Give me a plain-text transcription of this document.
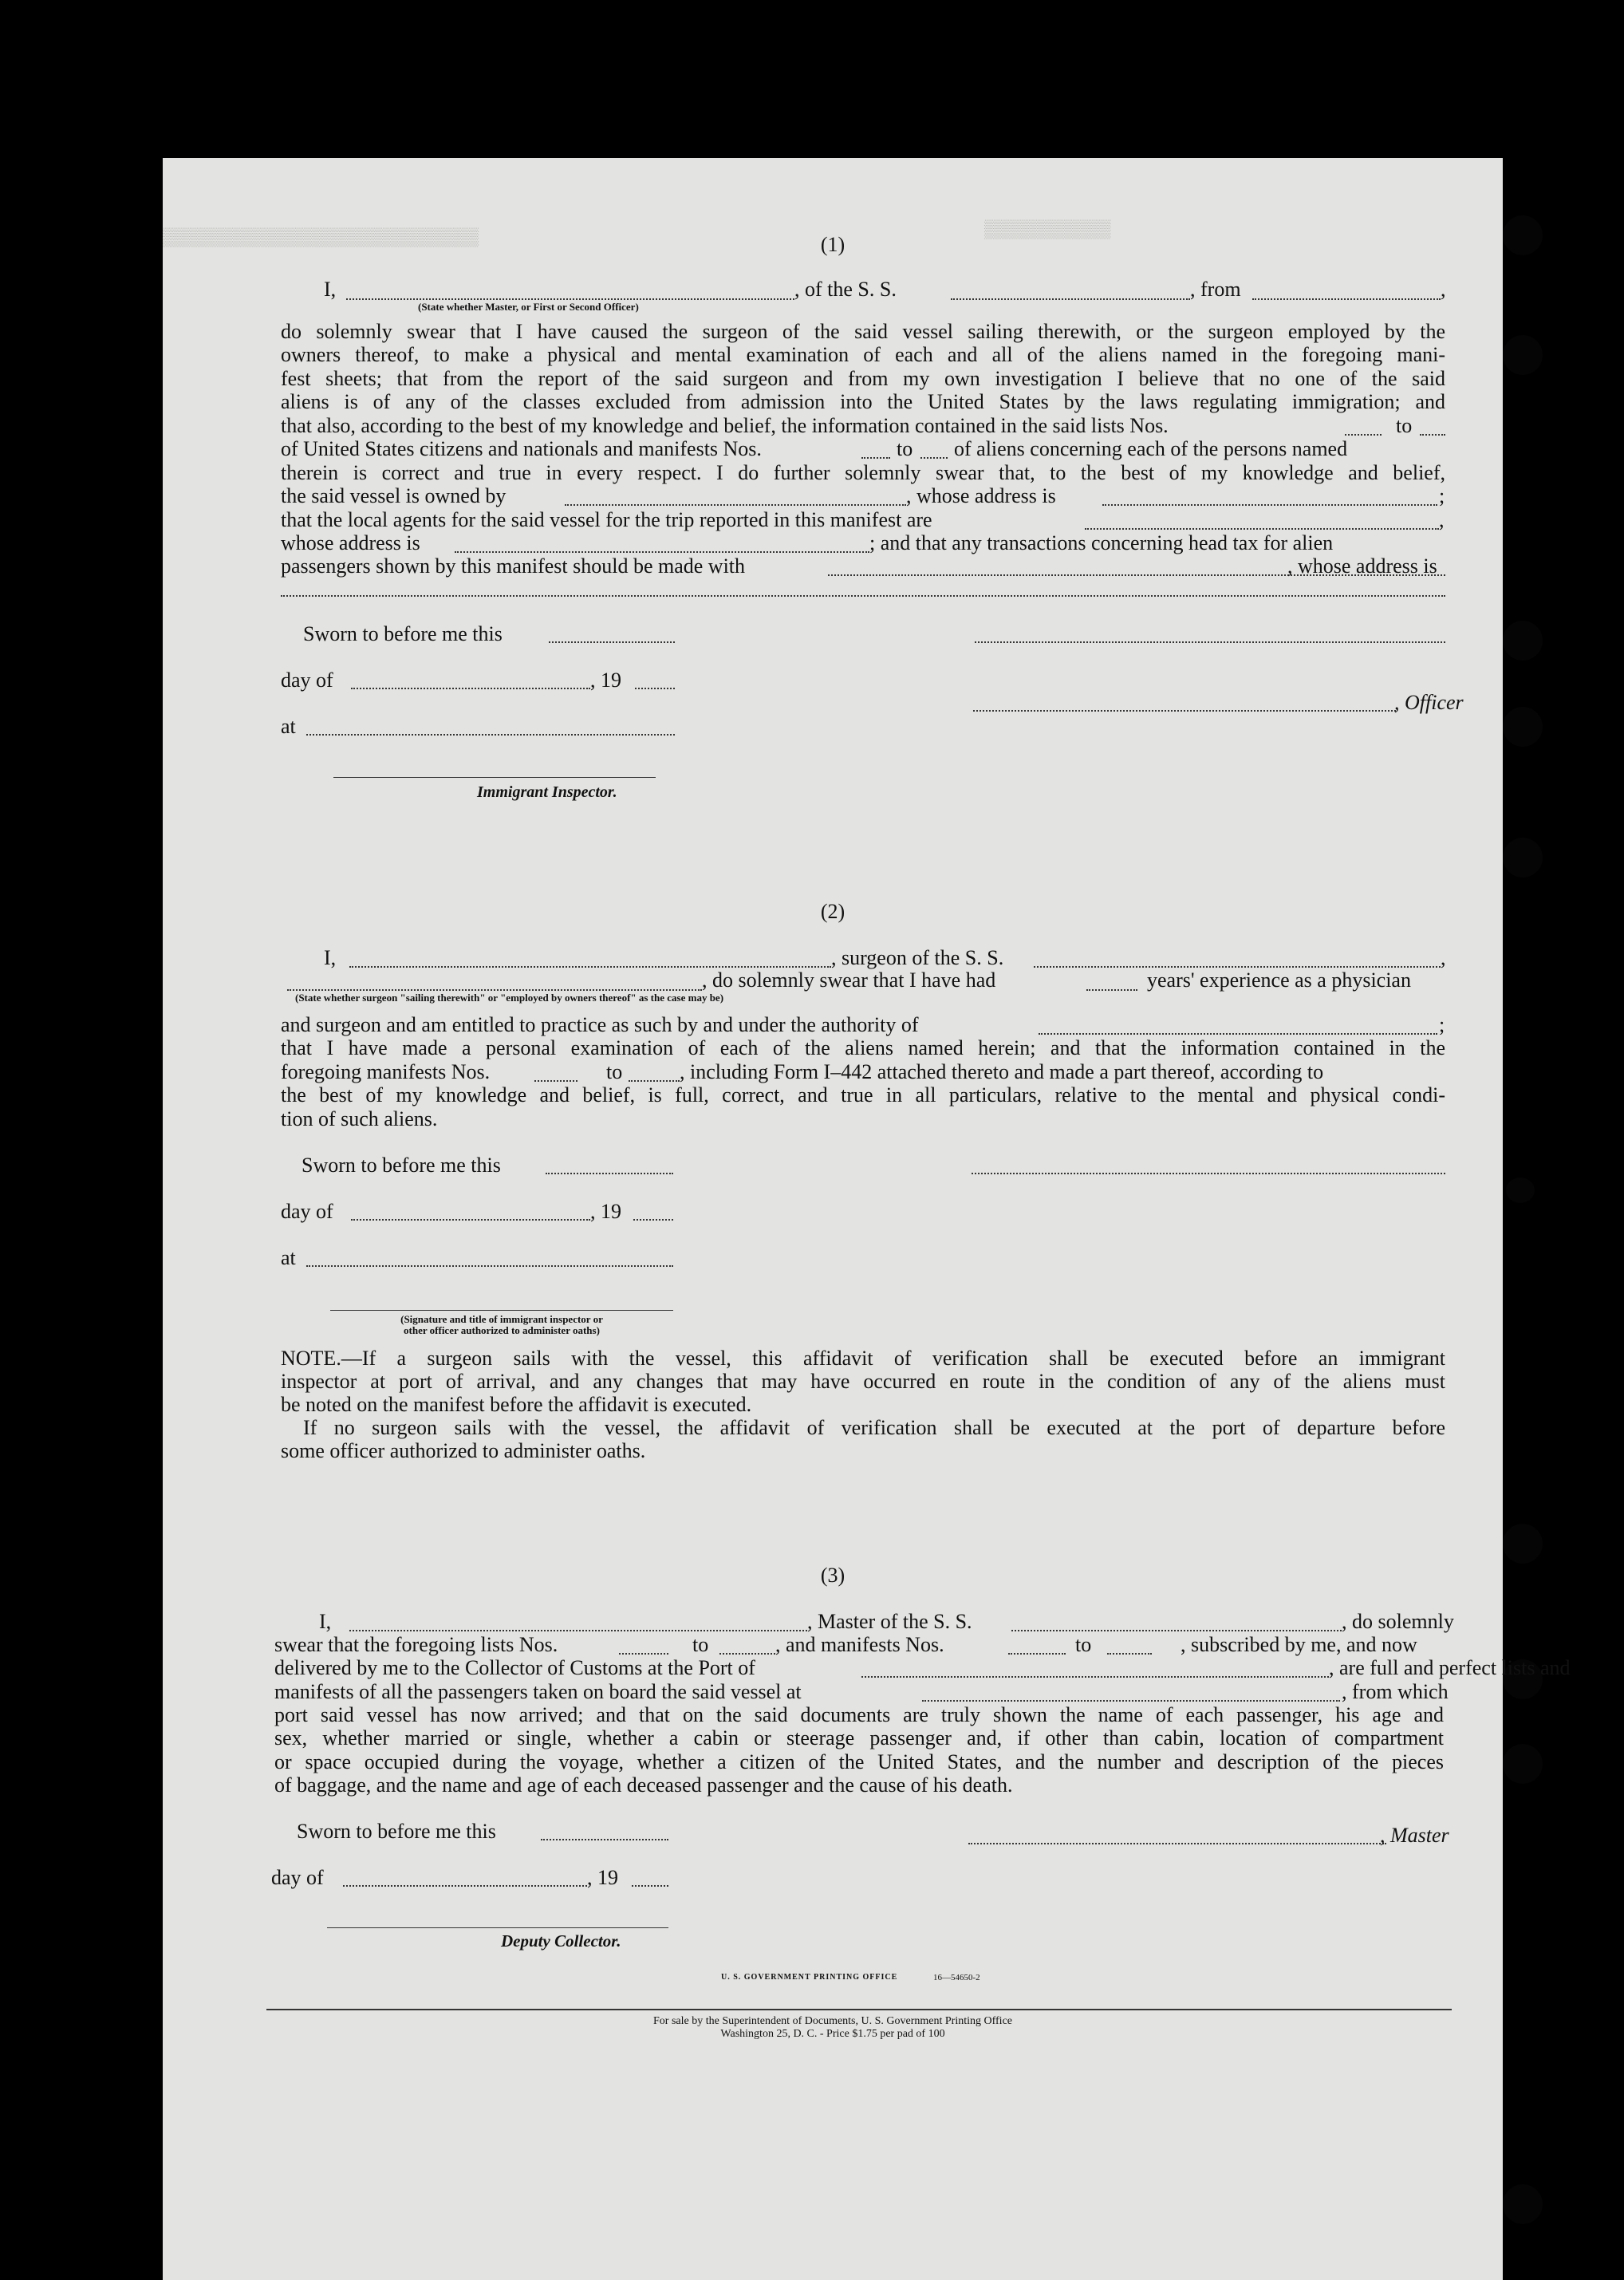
▒▒▒▒▒▒▒▒▒▒▒▒
▒▒▒▒▒▒▒▒▒▒▒▒▒▒▒▒▒▒▒▒▒▒▒▒▒▒▒▒▒▒	(1)
I,	, of the S. S.	, from	,
(State whether Master, or First or Second Officer)
do solemnly swear that I have caused the surgeon of the said vessel sailing therewith, or the surgeon employed by the
owners thereof, to make a physical and mental examination of each and all of the aliens named in the foregoing mani-
fest sheets; that from the report of the said surgeon and from my own investigation I believe that no one of the said
aliens is of any of the classes excluded from admission into the United States by the laws regulating immigration; and
that also, according to the best of my knowledge and belief, the information contained in the said lists Nos.	to
of United States citizens and nationals and manifests Nos.	to of aliens concerning each of the persons named
therein is correct and true in every respect. I do further solemnly swear that, to the best of my knowledge and belief,
the said vessel is owned by	, whose address is	;
that the local agents for the said vessel for the trip reported in this manifest are	,
whose address is	; and that any transactions concerning head tax for alien
passengers shown by this manifest should be made with	, whose address is
Sworn to before me this
day of	, 19
, Officer
at
Immigrant Inspector.
(2)
I,	, surgeon of the S. S.	,
, do solemnly swear that I have had	years' experience as a physician
(State whether surgeon "sailing therewith" or "employed by owners thereof" as the case may be)
and surgeon and am entitled to practice as such by and under the authority of	;
that I have made a personal examination of each of the aliens named herein; and that the information contained in the
foregoing manifests Nos.	to	, including Form I–442 attached thereto and made a part thereof, according to
the best of my knowledge and belief, is full, correct, and true in all particulars, relative to the mental and physical condi-
tion of such aliens.
Sworn to before me this
day of	, 19
at
(Signature and title of immigrant inspector or
other officer authorized to administer oaths)
NOTE.—If a surgeon sails with the vessel, this affidavit of verification shall be executed before an immigrant
inspector at port of arrival, and any changes that may have occurred en route in the condition of any of the aliens must
be noted on the manifest before the affidavit is executed.
If no surgeon sails with the vessel, the affidavit of verification shall be executed at the port of departure before
some officer authorized to administer oaths.
(3)
I,	, Master of the S. S.	, do solemnly
swear that the foregoing lists Nos.	to	, and manifests Nos.	to	, subscribed by me, and now
delivered by me to the Collector of Customs at the Port of	, are full and perfect lists and
manifests of all the passengers taken on board the said vessel at	, from which
port said vessel has now arrived; and that on the said documents are truly shown the name of each passenger, his age and
sex, whether married or single, whether a cabin or steerage passenger and, if other than cabin, location of compartment
or space occupied during the voyage, whether a citizen of the United States, and the number and description of the pieces
of baggage, and the name and age of each deceased passenger and the cause of his death.
Sworn to before me this	, Master
day of	, 19
Deputy Collector.
U. S. GOVERNMENT PRINTING OFFICE	16—54650-2
For sale by the Superintendent of Documents, U. S. Government Printing Office
Washington 25, D. C. - Price $1.75 per pad of 100
